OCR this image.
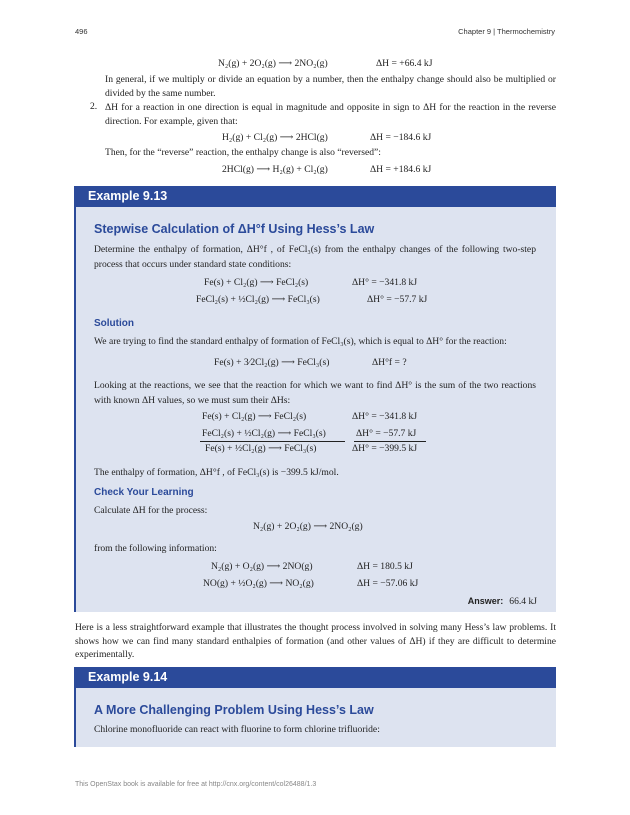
496	Chapter 9 | Thermochemistry
N₂(g) + 2O₂(g) ⟶ 2NO₂(g)	ΔH = +66.4 kJ
In general, if we multiply or divide an equation by a number, then the enthalpy change should also be multiplied or divided by the same number.
2. ΔH for a reaction in one direction is equal in magnitude and opposite in sign to ΔH for the reaction in the reverse direction. For example, given that:
H₂(g) + Cl₂(g) ⟶ 2HCl(g)	ΔH = −184.6 kJ
Then, for the “reverse” reaction, the enthalpy change is also “reversed”:
2HCl(g) ⟶ H₂(g) + Cl₂(g)	ΔH = +184.6 kJ
Example 9.13
Stepwise Calculation of ΔH°f Using Hess’s Law
Determine the enthalpy of formation, ΔH°f , of FeCl₃(s) from the enthalpy changes of the following two-step process that occurs under standard state conditions:
Fe(s) + Cl₂(g) ⟶ FeCl₂(s)	ΔH° = −341.8 kJ
FeCl₂(s) + ½Cl₂(g) ⟶ FeCl₃(s)	ΔH° = −57.7 kJ
Solution
We are trying to find the standard enthalpy of formation of FeCl₃(s), which is equal to ΔH° for the reaction:
Fe(s) + 3⁄2Cl₂(g) ⟶ FeCl₃(s)	ΔH°f = ?
Looking at the reactions, we see that the reaction for which we want to find ΔH° is the sum of the two reactions with known ΔH values, so we must sum their ΔHs:
Fe(s) + Cl₂(g) ⟶ FeCl₂(s)	ΔH° = −341.8 kJ
FeCl₂(s) + ½Cl₂(g) ⟶ FeCl₃(s)	ΔH° = −57.7 kJ
Fe(s) + ½Cl₂(g) ⟶ FeCl₃(s)	ΔH° = −399.5 kJ
The enthalpy of formation, ΔH°f , of FeCl₃(s) is −399.5 kJ/mol.
Check Your Learning
Calculate ΔH for the process:
N₂(g) + 2O₂(g) ⟶ 2NO₂(g)
from the following information:
N₂(g) + O₂(g) ⟶ 2NO(g)	ΔH = 180.5 kJ
NO(g) + ½O₂(g) ⟶ NO₂(g)	ΔH = −57.06 kJ
Answer: 66.4 kJ
Here is a less straightforward example that illustrates the thought process involved in solving many Hess’s law problems. It shows how we can find many standard enthalpies of formation (and other values of ΔH) if they are difficult to determine experimentally.
Example 9.14
A More Challenging Problem Using Hess’s Law
Chlorine monofluoride can react with fluorine to form chlorine trifluoride:
This OpenStax book is available for free at http://cnx.org/content/col26488/1.3
